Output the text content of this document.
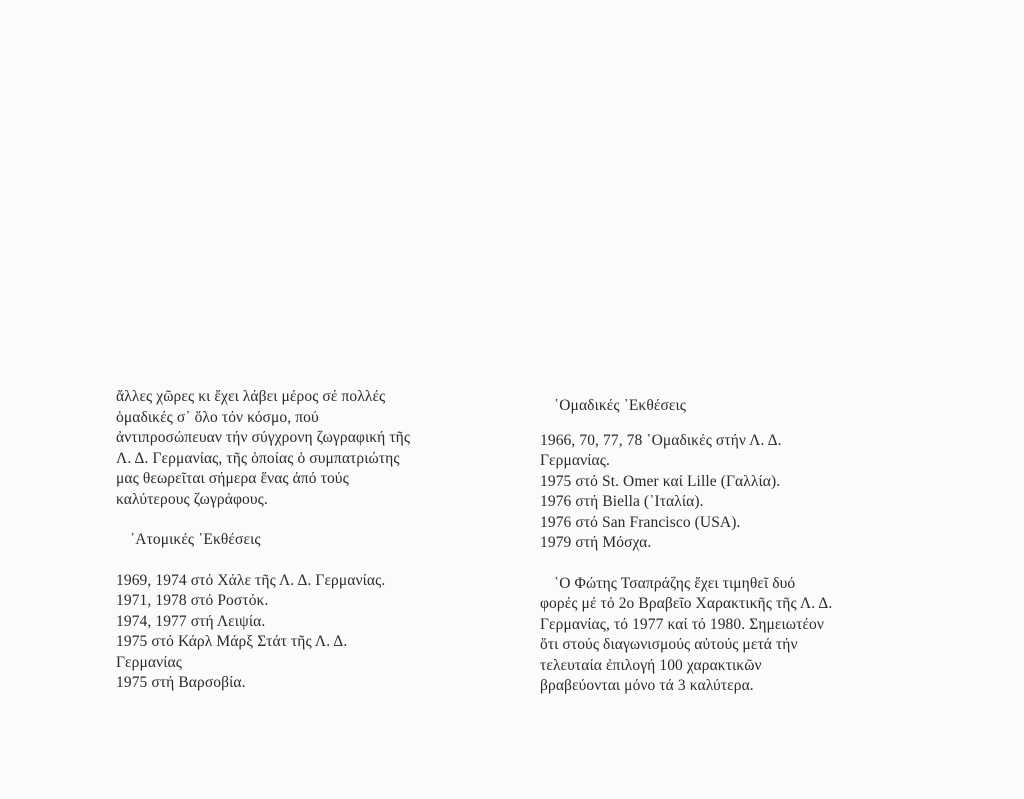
ἄλλες χῶρες κι ἔχει λάβει μέρος σέ πολλές
ὁμαδικές σ᾿ ὅλο τόν κόσμο, πού
ἀντιπροσώπευαν τήν σύγχρονη ζωγραφική τῆς
Λ. Δ. Γερμανίας, τῆς ὁποίας ὁ συμπατριώτης
μας θεωρεῖται σήμερα ἕνας ἀπό τούς
καλύτερους ζωγράφους.
᾿Ατομικές ᾿Εκθέσεις
1969, 1974 στό Χάλε τῆς Λ. Δ. Γερμανίας.
1971, 1978 στό Ροστόκ.
1974, 1977 στή Λειψία.
1975 στό Κάρλ Μάρξ Στάτ τῆς Λ. Δ.
Γερμανίας
1975 στή Βαρσοβία.
῾Ομαδικές ᾿Εκθέσεις
1966, 70, 77, 78 ῾Ομαδικές στήν Λ. Δ.
Γερμανίας.
1975 στό St. Omer καί Lille (Γαλλία).
1976 στή Biella (᾿Ιταλία).
1976 στό San Francisco (USA).
1979 στή Μόσχα.
῾Ο Φώτης Τσαπράζης ἔχει τιμηθεῖ δυό
φορές μέ τό 2ο Βραβεῖο Χαρακτικῆς τῆς Λ. Δ.
Γερμανίας, τό 1977 καί τό 1980. Σημειωτέον
ὅτι στούς διαγωνισμούς αὐτούς μετά τήν
τελευταία ἐπιλογή 100 χαρακτικῶν
βραβεύονται μόνο τά 3 καλύτερα.
